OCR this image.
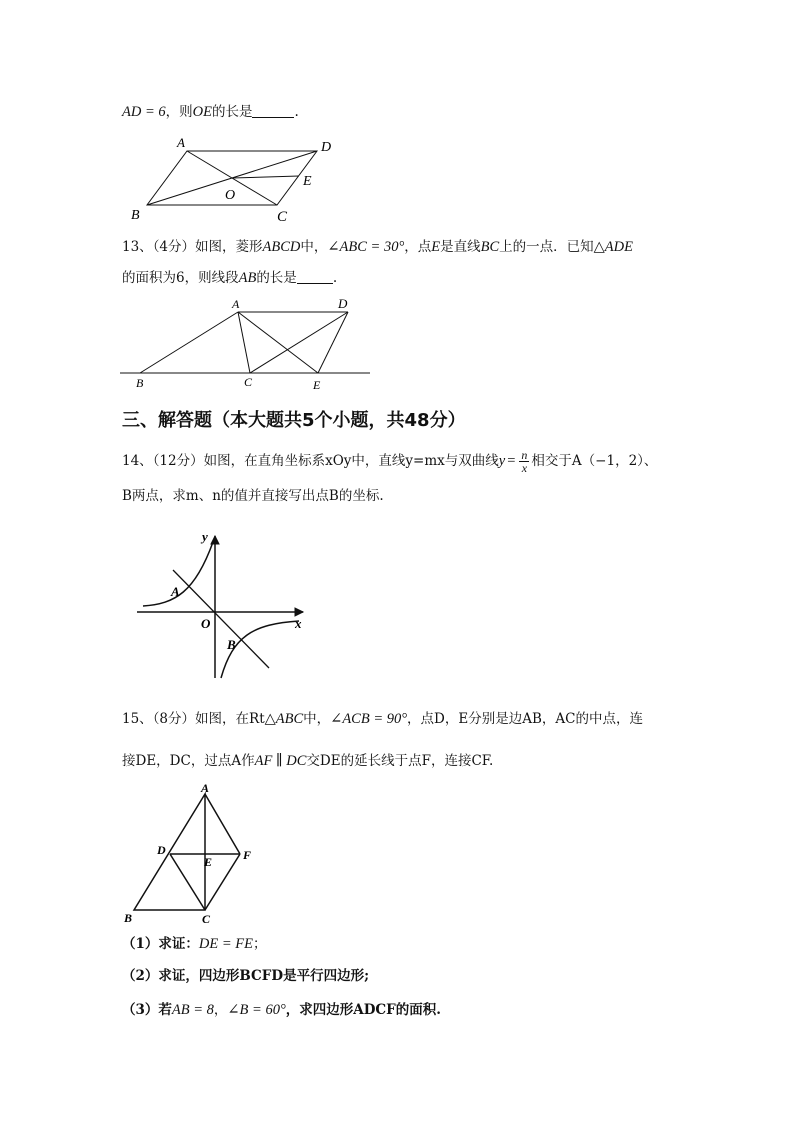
AD = 6，则OE的长是	.
A	D
B	C
E
O
13、（4分）如图，菱形ABCD中，∠ABC = 30°，点E是直线BC上的一点．已知△ADE
的面积为6，则线段AB的长是	.
A	D
B	C	E
三、解答题（本大题共5个小题，共48分）
14、（12分）如图，在直角坐标系xOy中，直线y=mx与双曲线$y = \frac{n}{x}$ 相交于A（−1，2）、
B两点，求m、n的值并直接写出点B的坐标.
y
x
O
A
B
15、（8分）如图，在Rt△ABC中，∠ACB = 90°，点D，E分别是边AB，AC的中点，连
接DE，DC，过点A作AF ∥ DC交DE的延长线于点F，连接CF.
A
D
E	F
B	C
（1）求证：DE = FE；
（2）求证，四边形BCFD是平行四边形;
（3）若AB = 8，∠B = 60°，求四边形ADCF的面积.
